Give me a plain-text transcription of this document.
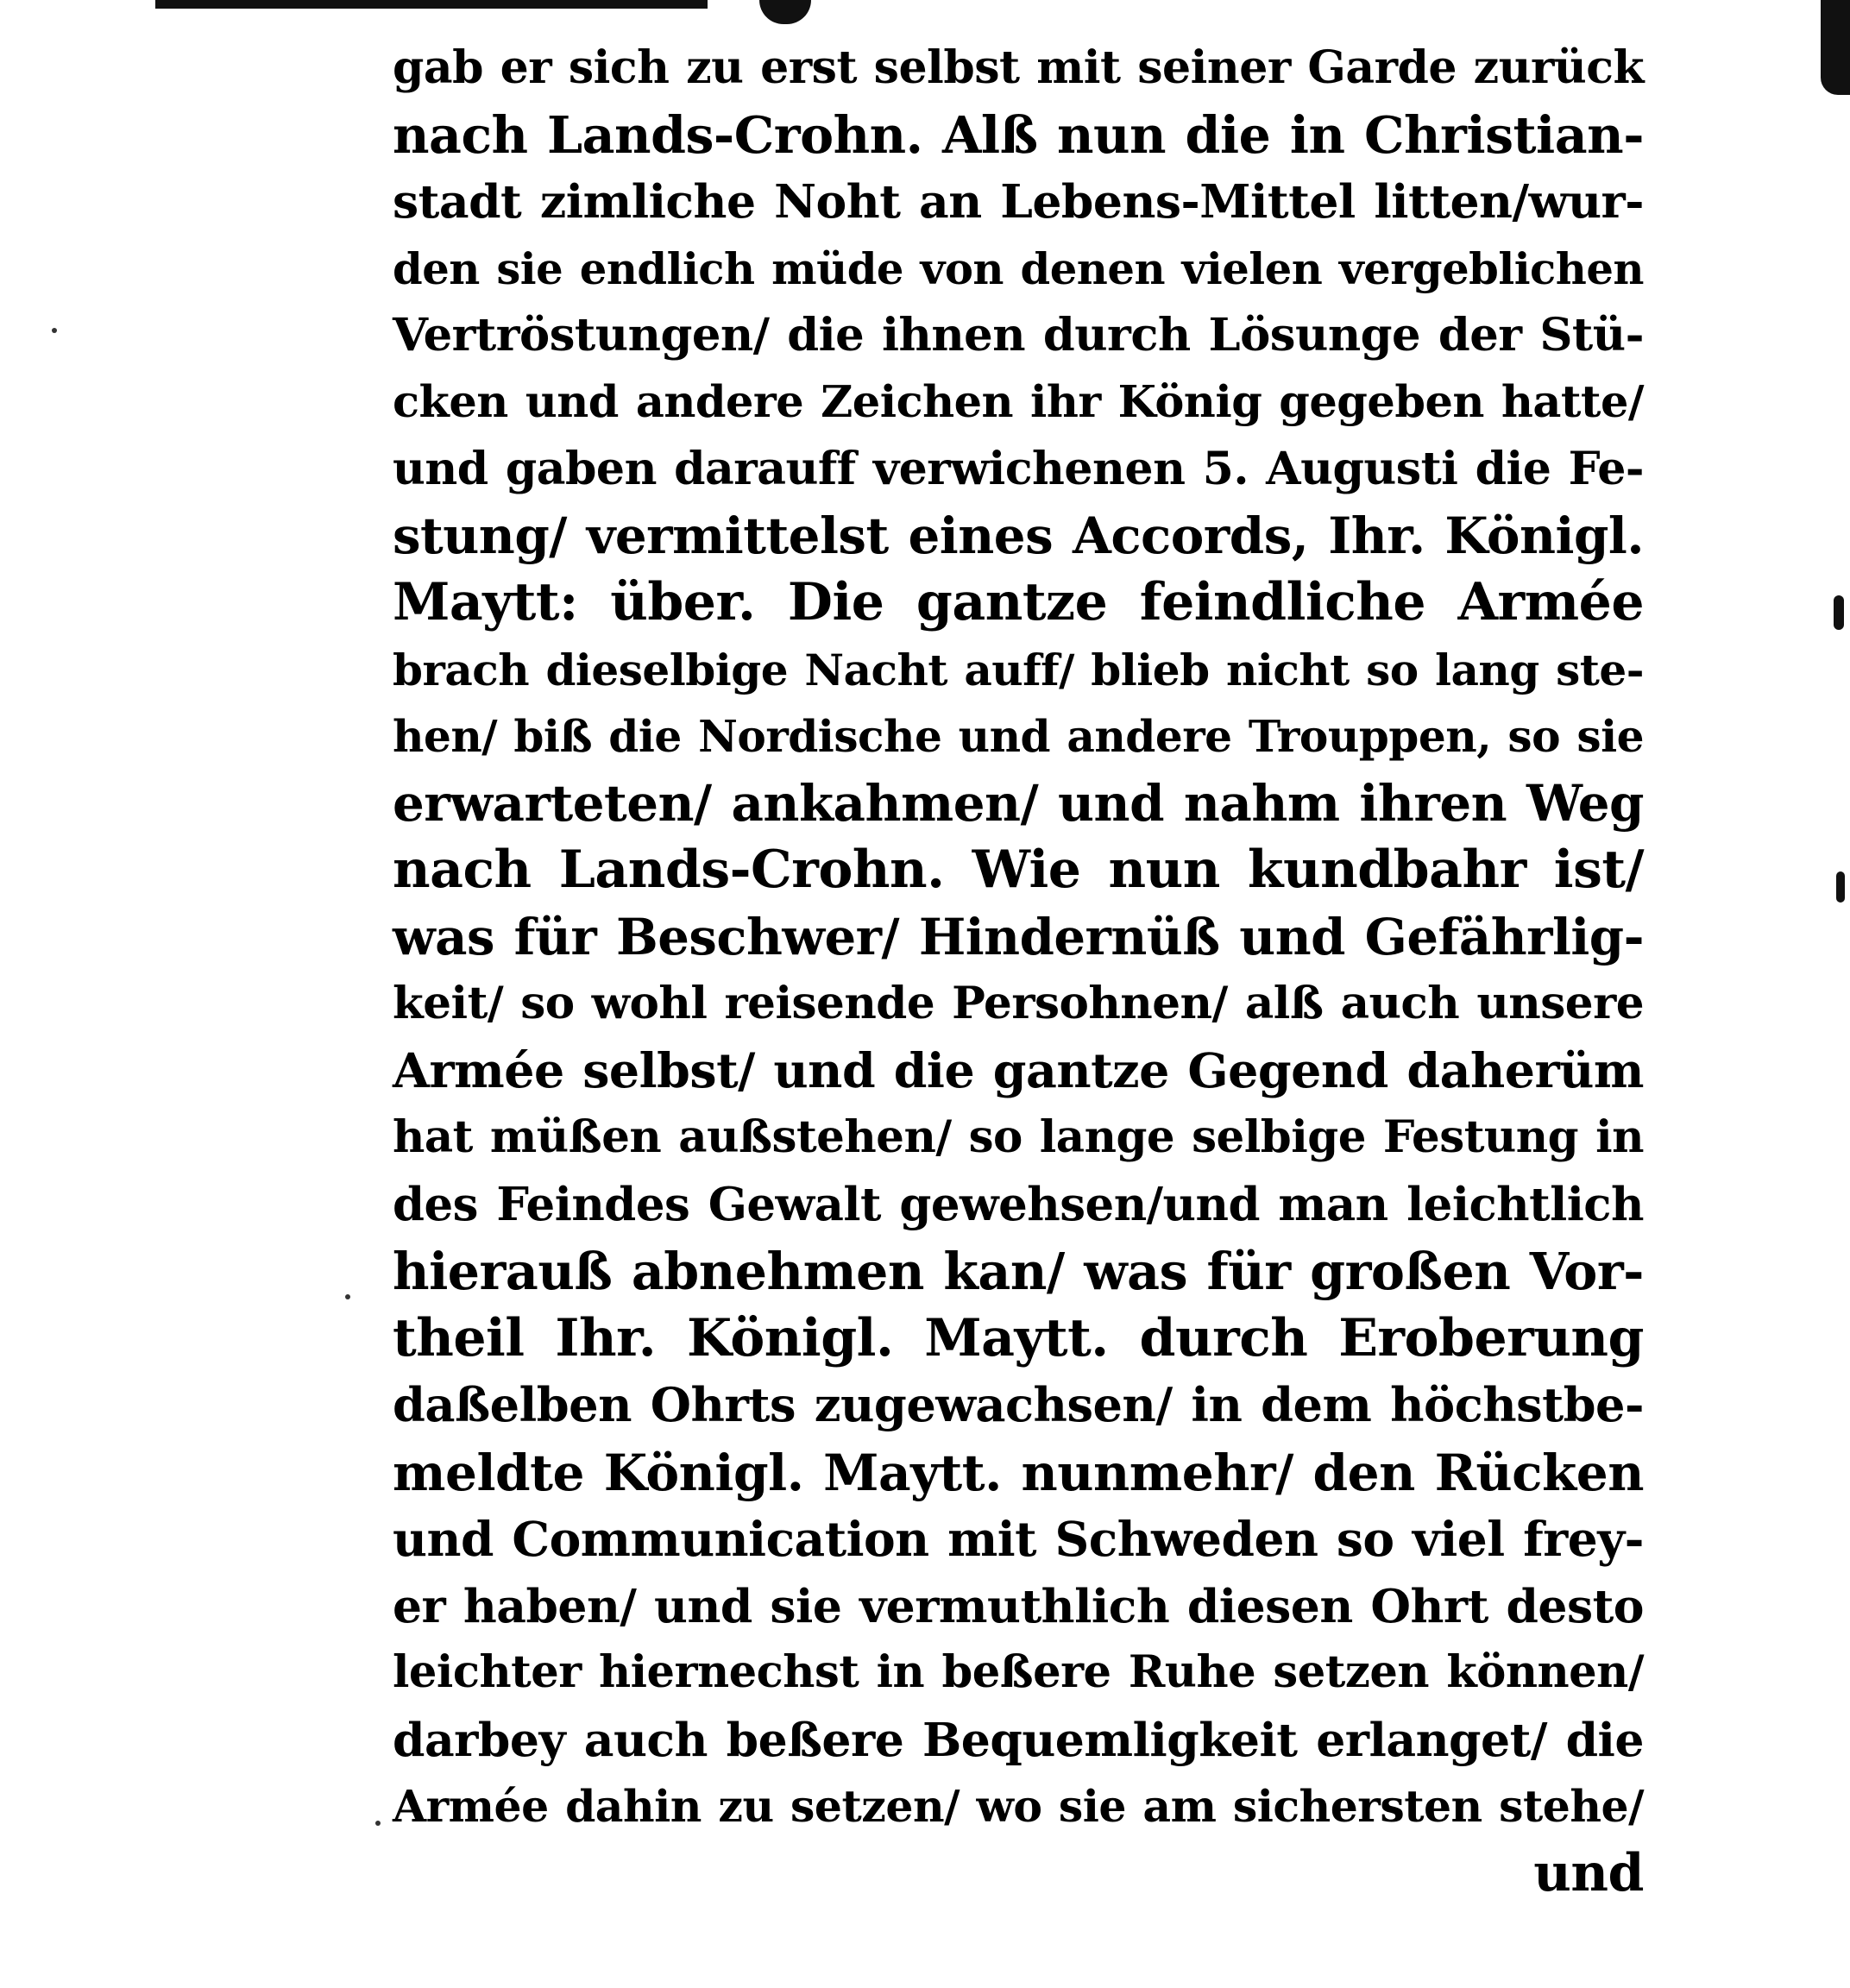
gab er sich zu erst selbst mit seiner Garde zurück
nach Lands-Crohn. Alß nun die in Christian-
stadt zimliche Noht an Lebens-Mittel litten/wur-
den sie endlich müde von denen vielen vergeblichen
Vertröstungen/ die ihnen durch Lösunge der Stü-
cken und andere Zeichen ihr König gegeben hatte/
und gaben darauff verwichenen 5. Augusti die Fe-
stung/ vermittelst eines Accords, Ihr. Königl.
Maytt: über. Die gantze feindliche Armée
brach dieselbige Nacht auff/ blieb nicht so lang ste-
hen/ biß die Nordische und andere Trouppen, so sie
erwarteten/ ankahmen/ und nahm ihren Weg
nach Lands-Crohn. Wie nun kundbahr ist/
was für Beschwer/ Hindernüß und Gefährlig-
keit/ so wohl reisende Persohnen/ alß auch unsere
Armée selbst/ und die gantze Gegend daherüm
hat müßen außstehen/ so lange selbige Festung in
des Feindes Gewalt gewehsen/und man leichtlich
hierauß abnehmen kan/ was für großen Vor-
theil Ihr. Königl. Maytt. durch Eroberung
daßelben Ohrts zugewachsen/ in dem höchstbe-
meldte Königl. Maytt. nunmehr/ den Rücken
und Communication mit Schweden so viel frey-
er haben/ und sie vermuthlich diesen Ohrt desto
leichter hiernechst in beßere Ruhe setzen können/
darbey auch beßere Bequemligkeit erlanget/ die
Armée dahin zu setzen/ wo sie am sichersten stehe/
und
